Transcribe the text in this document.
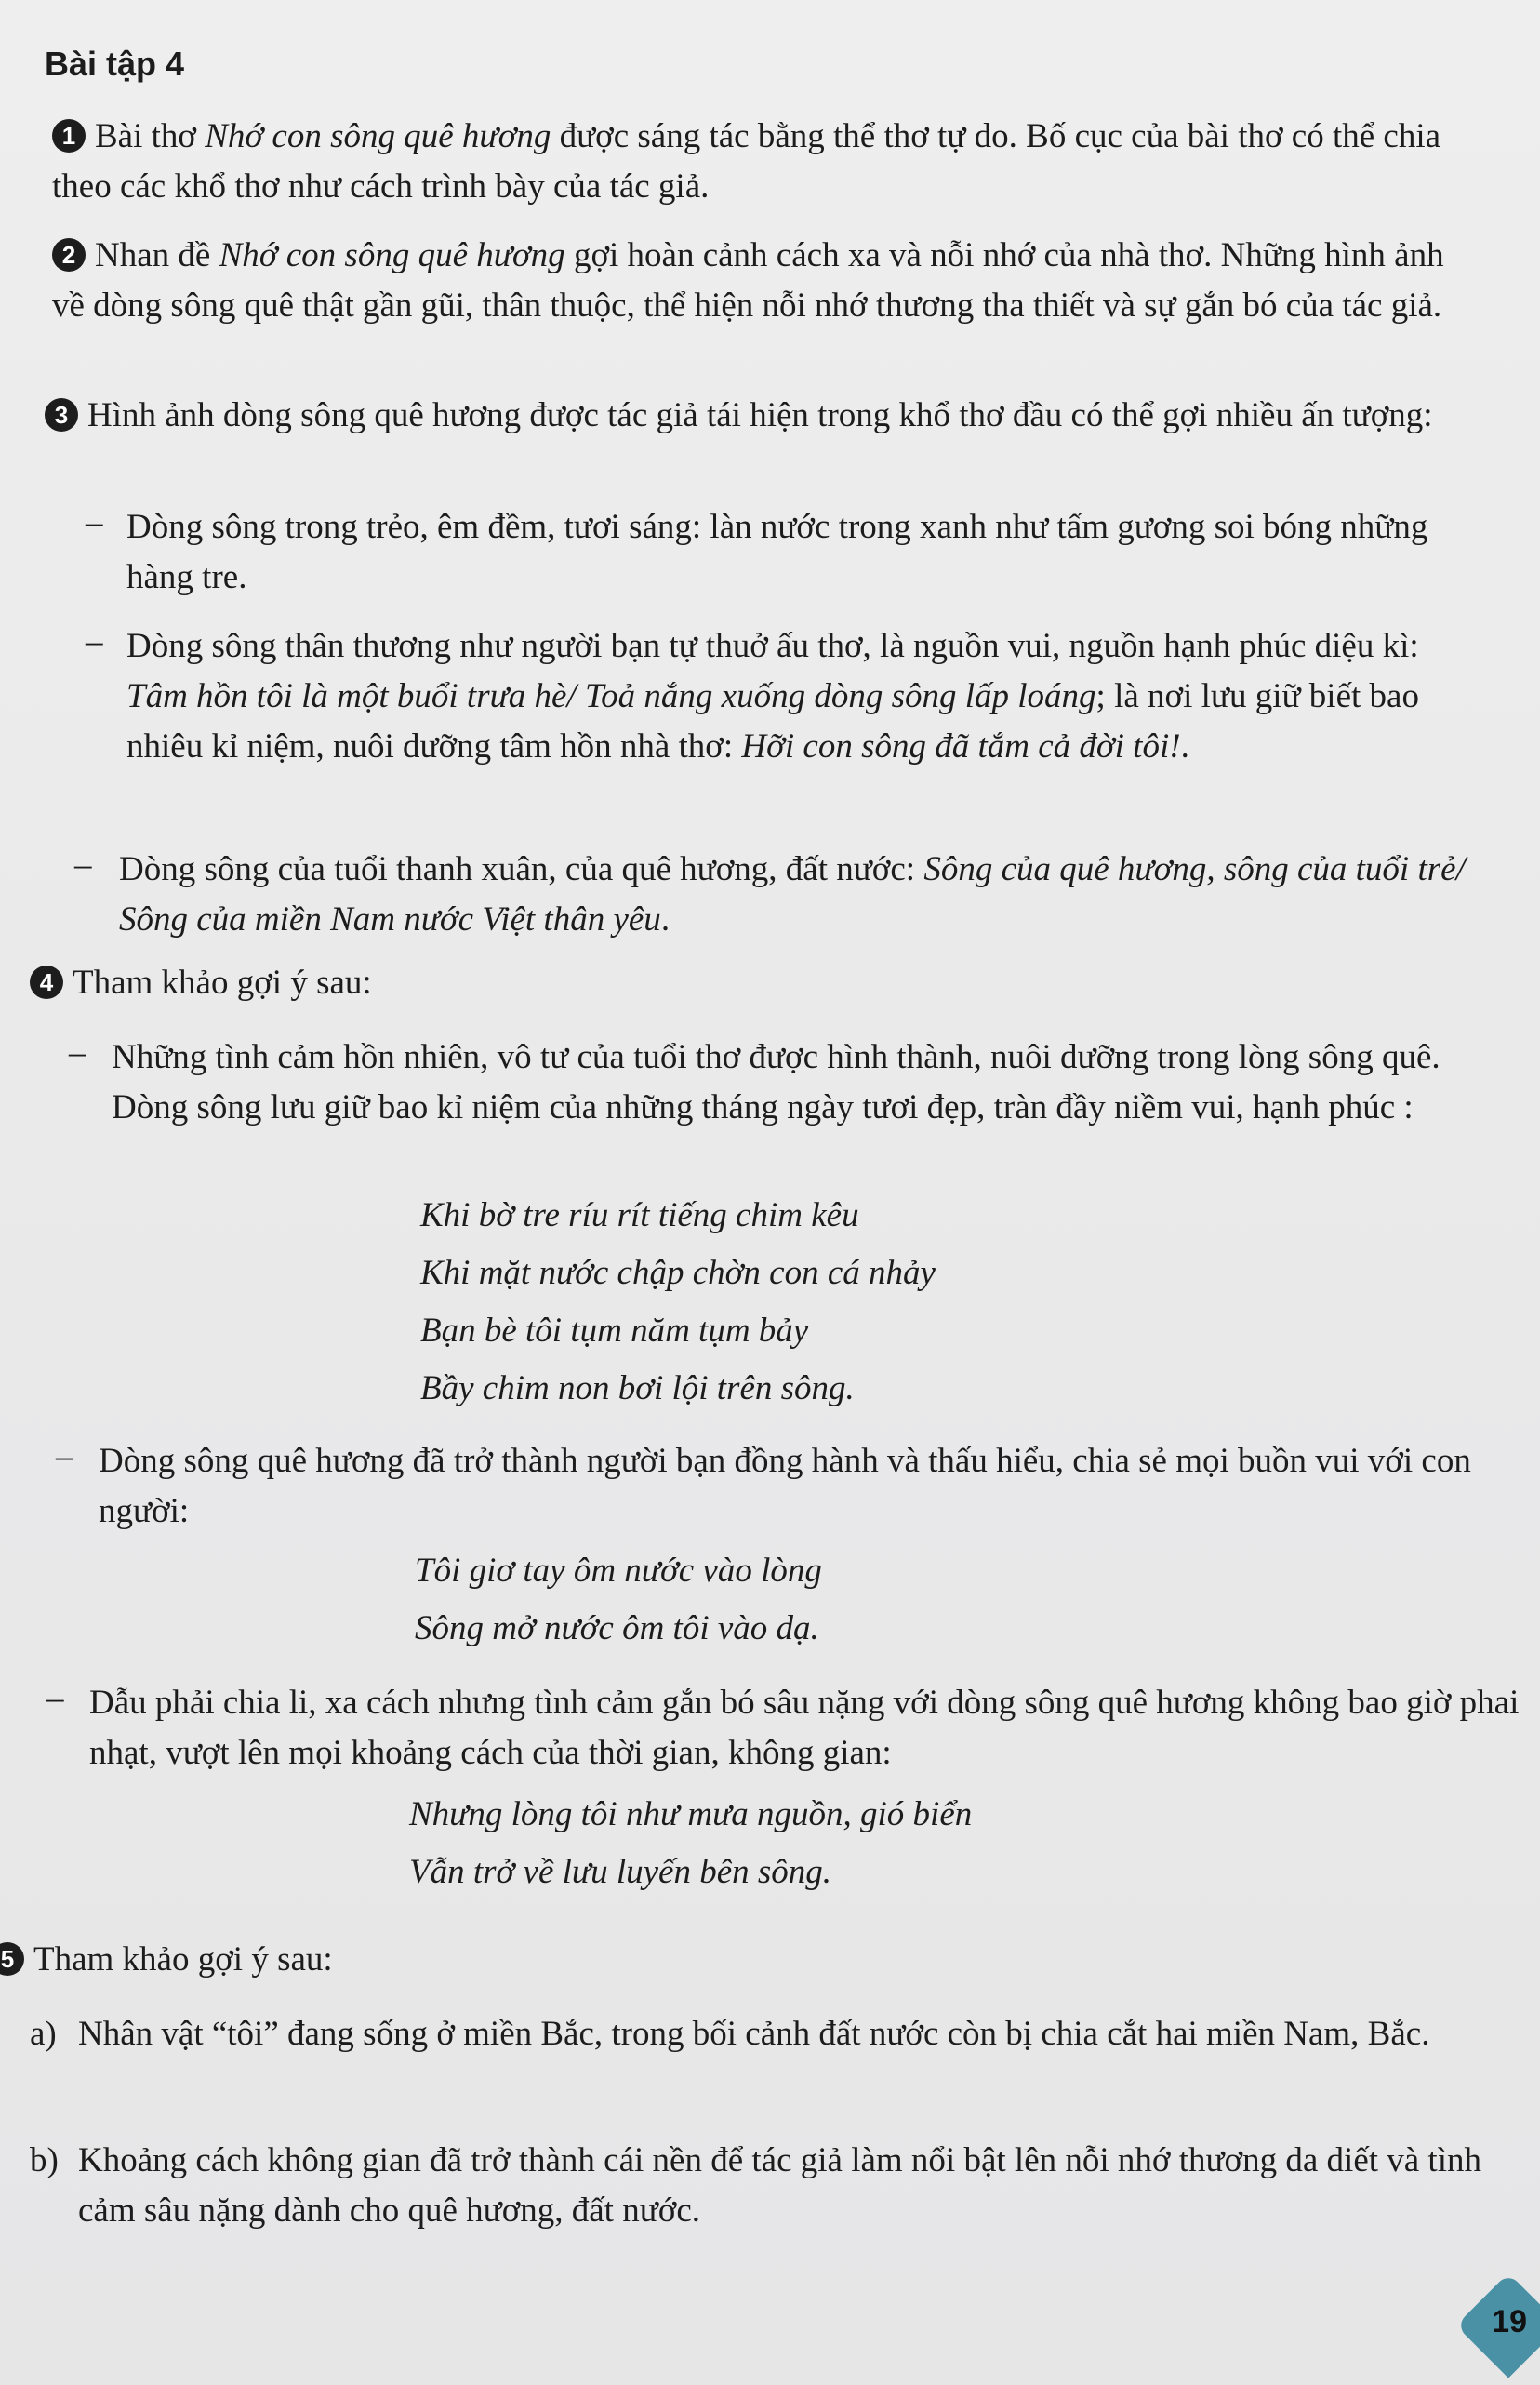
Bài tập 4
1 Bài thơ Nhớ con sông quê hương được sáng tác bằng thể thơ tự do. Bố cục của bài thơ có thể chia theo các khổ thơ như cách trình bày của tác giả.
2 Nhan đề Nhớ con sông quê hương gợi hoàn cảnh cách xa và nỗi nhớ của nhà thơ. Những hình ảnh về dòng sông quê thật gần gũi, thân thuộc, thể hiện nỗi nhớ thương tha thiết và sự gắn bó của tác giả.
3 Hình ảnh dòng sông quê hương được tác giả tái hiện trong khổ thơ đầu có thể gợi nhiều ấn tượng:
– Dòng sông trong trẻo, êm đềm, tươi sáng: làn nước trong xanh như tấm gương soi bóng những hàng tre.
– Dòng sông thân thương như người bạn tự thuở ấu thơ, là nguồn vui, nguồn hạnh phúc diệu kì: Tâm hồn tôi là một buổi trưa hè/ Toả nắng xuống dòng sông lấp loáng; là nơi lưu giữ biết bao nhiêu kỉ niệm, nuôi dưỡng tâm hồn nhà thơ: Hỡi con sông đã tắm cả đời tôi!.
– Dòng sông của tuổi thanh xuân, của quê hương, đất nước: Sông của quê hương, sông của tuổi trẻ/ Sông của miền Nam nước Việt thân yêu.
4 Tham khảo gợi ý sau:
– Những tình cảm hồn nhiên, vô tư của tuổi thơ được hình thành, nuôi dưỡng trong lòng sông quê. Dòng sông lưu giữ bao kỉ niệm của những tháng ngày tươi đẹp, tràn đầy niềm vui, hạnh phúc :
Khi bờ tre ríu rít tiếng chim kêu
Khi mặt nước chập chờn con cá nhảy
Bạn bè tôi tụm năm tụm bảy
Bầy chim non bơi lội trên sông.
– Dòng sông quê hương đã trở thành người bạn đồng hành và thấu hiểu, chia sẻ mọi buồn vui với con người:
Tôi giơ tay ôm nước vào lòng
Sông mở nước ôm tôi vào dạ.
– Dẫu phải chia li, xa cách nhưng tình cảm gắn bó sâu nặng với dòng sông quê hương không bao giờ phai nhạt, vượt lên mọi khoảng cách của thời gian, không gian:
Nhưng lòng tôi như mưa nguồn, gió biển
Vẫn trở về lưu luyến bên sông.
5 Tham khảo gợi ý sau:
a) Nhân vật “tôi” đang sống ở miền Bắc, trong bối cảnh đất nước còn bị chia cắt hai miền Nam, Bắc.
b) Khoảng cách không gian đã trở thành cái nền để tác giả làm nổi bật lên nỗi nhớ thương da diết và tình cảm sâu nặng dành cho quê hương, đất nước.
19
